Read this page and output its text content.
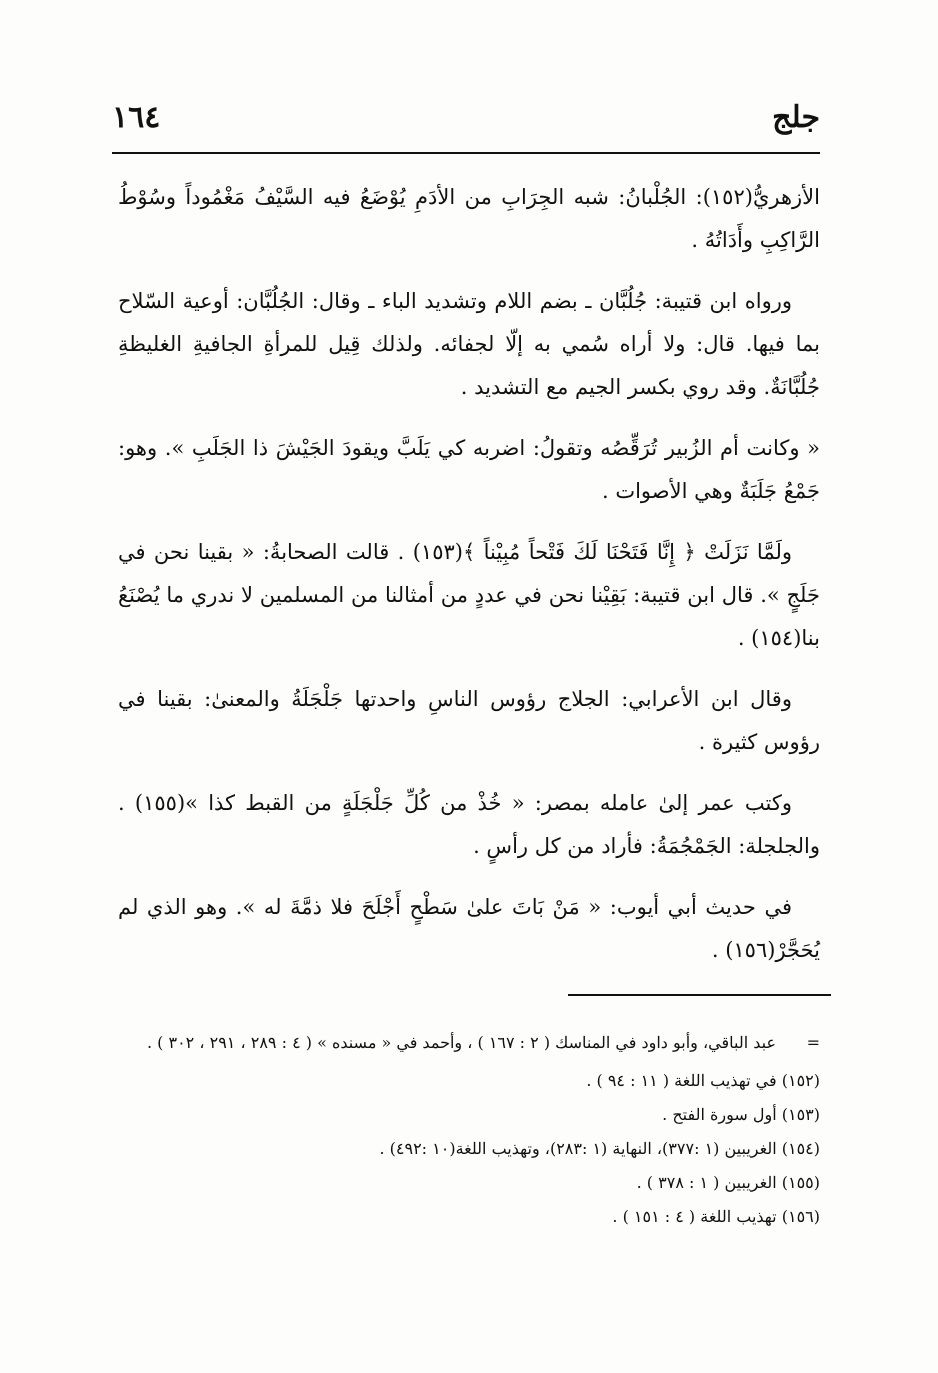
جلج
١٦٤

الأزهريُّ(١٥٢): الجُلْبانُ: شبه الجِرَابِ من الأدَمِ يُوْضَعُ فيه السَّيْفُ مَغْمُوداً وسُوْطُ الرَّاكِبِ وأَدَاتُهُ .

ورواه ابن قتيبة: جُلُبَّان ـ بضم اللام وتشديد الباء ـ وقال: الجُلُبَّان: أوعية السّلاح بما فيها. قال: ولا أراه سُمي به إلّا لجفائه. ولذلك قِيل للمرأةِ الجافيةِ الغليظةِ جُلُبَّانَةٌ. وقد روي بكسر الجيم مع التشديد .

« وكانت أم الزُبير تُرَقِّصُه وتقولُ: اضربه كي يَلَبَّ ويقودَ الجَيْشَ ذا الجَلَبِ ». وهو: جَمْعُ جَلَبَةٌ وهي الأصوات .

ولَمَّا نَزَلَتْ ﴿ إِنَّا فَتَحْنَا لَكَ فَتْحاً مُبِيْناً ﴾(١٥٣) . قالت الصحابةُ: « بقينا نحن في جَلَجٍ ». قال ابن قتيبة: بَقِيْنا نحن في عددٍ من أمثالنا من المسلمين لا ندري ما يُصْنَعُ بنا(١٥٤) .

وقال ابن الأعرابي: الجلاج رؤوس الناسِ واحدتها جَلْجَلَةُ والمعنىٰ: بقينا في رؤوس كثيرة .

وكتب عمر إلىٰ عامله بمصر: « خُذْ من كُلِّ جَلْجَلَةٍ من القبط كذا »(١٥٥) . والجلجلة: الجَمْجُمَةُ: فأراد من كل رأسٍ .

في حديث أبي أيوب: « مَنْ بَاتَ علىٰ سَطْحٍ أَجْلَحَ فلا ذمَّةَ له ». وهو الذي لم يُحَجَّرْ(١٥٦) .

=
عبد الباقي، وأبو داود في المناسك ( ٢ : ١٦٧ ) ، وأحمد في « مسنده » ( ٤ : ٢٨٩ ، ٢٩١ ، ٣٠٢ ) .
(١٥٢) في تهذيب اللغة ( ١١ : ٩٤ ) .
(١٥٣) أول سورة الفتح .
(١٥٤) الغريبين (١ :٣٧٧)، النهاية (١ :٢٨٣)، وتهذيب اللغة(١٠ :٤٩٢) .
(١٥٥) الغريبين ( ١ : ٣٧٨ ) .
(١٥٦) تهذيب اللغة ( ٤ : ١٥١ ) .
